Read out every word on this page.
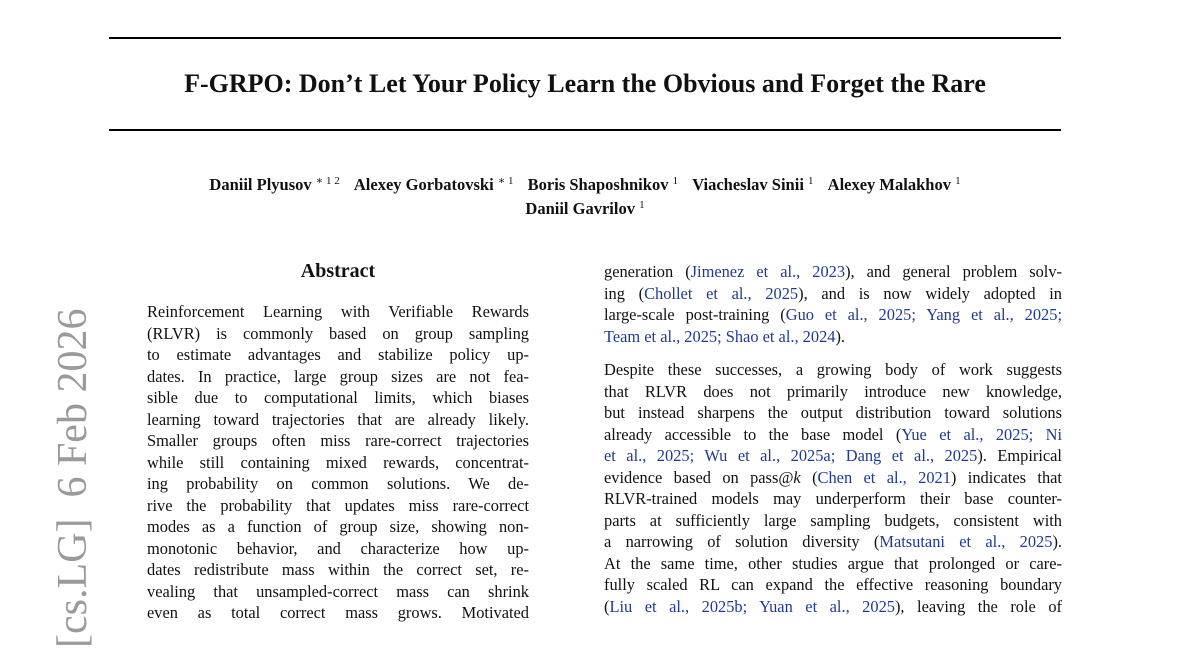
F-GRPO: Don’t Let Your Policy Learn the Obvious and Forget the Rare
Daniil Plyusov $^{∗ 1 2}$ Alexey Gorbatovski $^{∗ 1}$ Boris Shaposhnikov $^1$ Viacheslav Sinii $^1$ Alexey Malakhov $^1$
Daniil Gavrilov $^1$
Abstract
Reinforcement Learning with Verifiable Rewards
(RLVR) is commonly based on group sampling
to estimate advantages and stabilize policy up-
dates. In practice, large group sizes are not fea-
sible due to computational limits, which biases
learning toward trajectories that are already likely.
Smaller groups often miss rare-correct trajectories
while still containing mixed rewards, concentrat-
ing probability on common solutions. We de-
rive the probability that updates miss rare-correct
modes as a function of group size, showing non-
monotonic behavior, and characterize how up-
dates redistribute mass within the correct set, re-
vealing that unsampled-correct mass can shrink
even as total correct mass grows. Motivated
generation (Jimenez et al., 2023), and general problem solv-
ing (Chollet et al., 2025), and is now widely adopted in
large-scale post-training (Guo et al., 2025; Yang et al., 2025;
Team et al., 2025; Shao et al., 2024).
Despite these successes, a growing body of work suggests
that RLVR does not primarily introduce new knowledge,
but instead sharpens the output distribution toward solutions
already accessible to the base model (Yue et al., 2025; Ni
et al., 2025; Wu et al., 2025a; Dang et al., 2025). Empirical
evidence based on pass@k (Chen et al., 2021) indicates that
RLVR-trained models may underperform their base counter-
parts at sufficiently large sampling budgets, consistent with
a narrowing of solution diversity (Matsutani et al., 2025).
At the same time, other studies argue that prolonged or care-
fully scaled RL can expand the effective reasoning boundary
(Liu et al., 2025b; Yuan et al., 2025), leaving the role of
[cs.LG]  6 Feb 2026
